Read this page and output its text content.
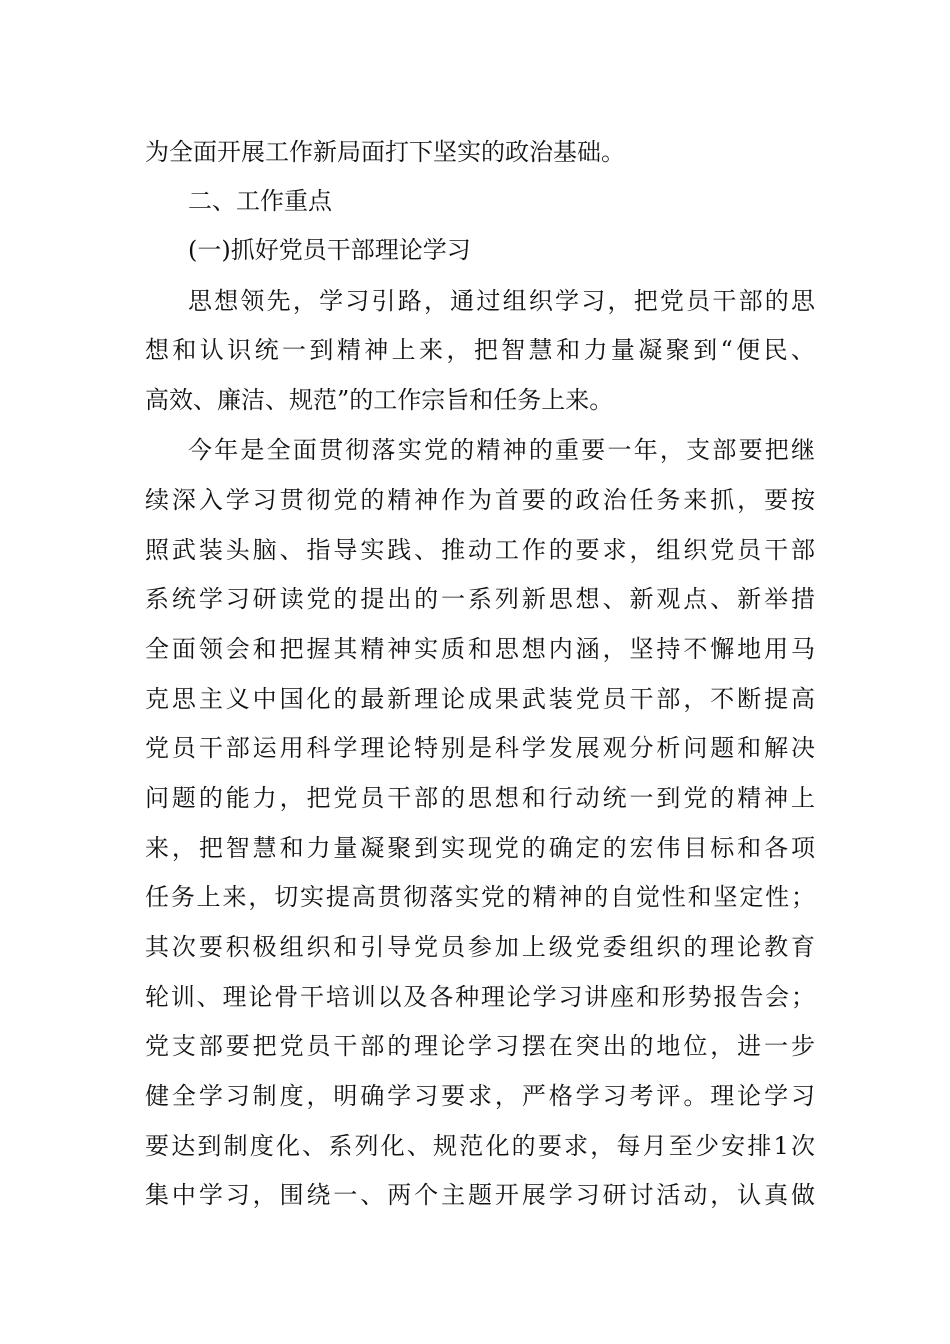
为全面开展工作新局面打下坚实的政治基础。
二、工作重点
(一)抓好党员干部理论学习
思想领先，学习引路，通过组织学习，把党员干部的思
想和认识统一到精神上来，把智慧和力量凝聚到“便民、
高效、廉洁、规范”的工作宗旨和任务上来。
今年是全面贯彻落实党的精神的重要一年，支部要把继
续深入学习贯彻党的精神作为首要的政治任务来抓，要按
照武装头脑、指导实践、推动工作的要求，组织党员干部
系统学习研读党的提出的一系列新思想、新观点、新举措
全面领会和把握其精神实质和思想内涵，坚持不懈地用马
克思主义中国化的最新理论成果武装党员干部，不断提高
党员干部运用科学理论特别是科学发展观分析问题和解决
问题的能力，把党员干部的思想和行动统一到党的精神上
来，把智慧和力量凝聚到实现党的确定的宏伟目标和各项
任务上来，切实提高贯彻落实党的精神的自觉性和坚定性；
其次要积极组织和引导党员参加上级党委组织的理论教育
轮训、理论骨干培训以及各种理论学习讲座和形势报告会；
党支部要把党员干部的理论学习摆在突出的地位，进一步
健全学习制度，明确学习要求，严格学习考评。理论学习
要达到制度化、系列化、规范化的要求，每月至少安排1次
集中学习，围绕一、两个主题开展学习研讨活动，认真做
